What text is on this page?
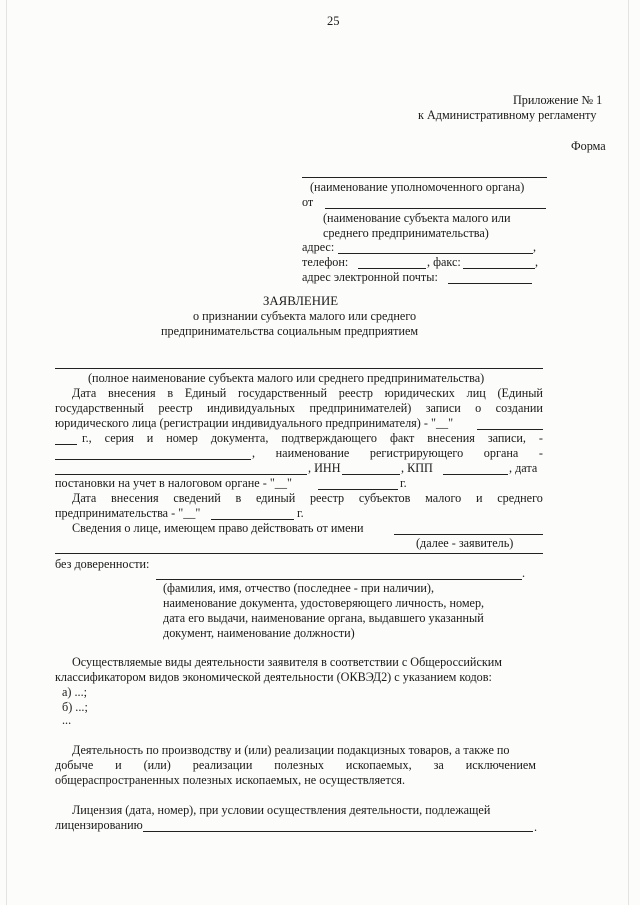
25
Приложение № 1
к Административному регламенту
Форма
(наименование уполномоченного органа)
от
(наименование субъекта малого или
среднего предпринимательства)
адрес:	,
телефон:	, факс:	,
адрес электронной почты:
ЗАЯВЛЕНИЕ
о признании субъекта малого или среднего
предпринимательства социальным предприятием
(полное наименование субъекта малого или среднего предпринимательства)
Дата внесения в Единый государственный реестр юридических лиц (Единый
государственный реестр индивидуальных предпринимателей) записи о создании
юридического лица (регистрации индивидуального предпринимателя) - "__"
г., серия и номер документа, подтверждающего факт внесения записи, -
, наименование регистрирующего органа -
, ИНН	, КПП	, дата
постановки на учет в налоговом органе - "__"	г.
Дата внесения сведений в единый реестр субъектов малого и среднего
предпринимательства - "__"	г.
Сведения о лице, имеющем право действовать от имени
(далее - заявитель)
без доверенности:
.
(фамилия, имя, отчество (последнее - при наличии),
наименование документа, удостоверяющего личность, номер,
дата его выдачи, наименование органа, выдавшего указанный
документ, наименование должности)
Осуществляемые виды деятельности заявителя в соответствии с Общероссийским
классификатором видов экономической деятельности (ОКВЭД2) с указанием кодов:
а) ...;
б) ...;
...
Деятельность по производству и (или) реализации подакцизных товаров, а также по
добыче и (или) реализации полезных ископаемых, за исключением
общераспространенных полезных ископаемых, не осуществляется.
Лицензия (дата, номер), при условии осуществления деятельности, подлежащей
лицензированию	.
